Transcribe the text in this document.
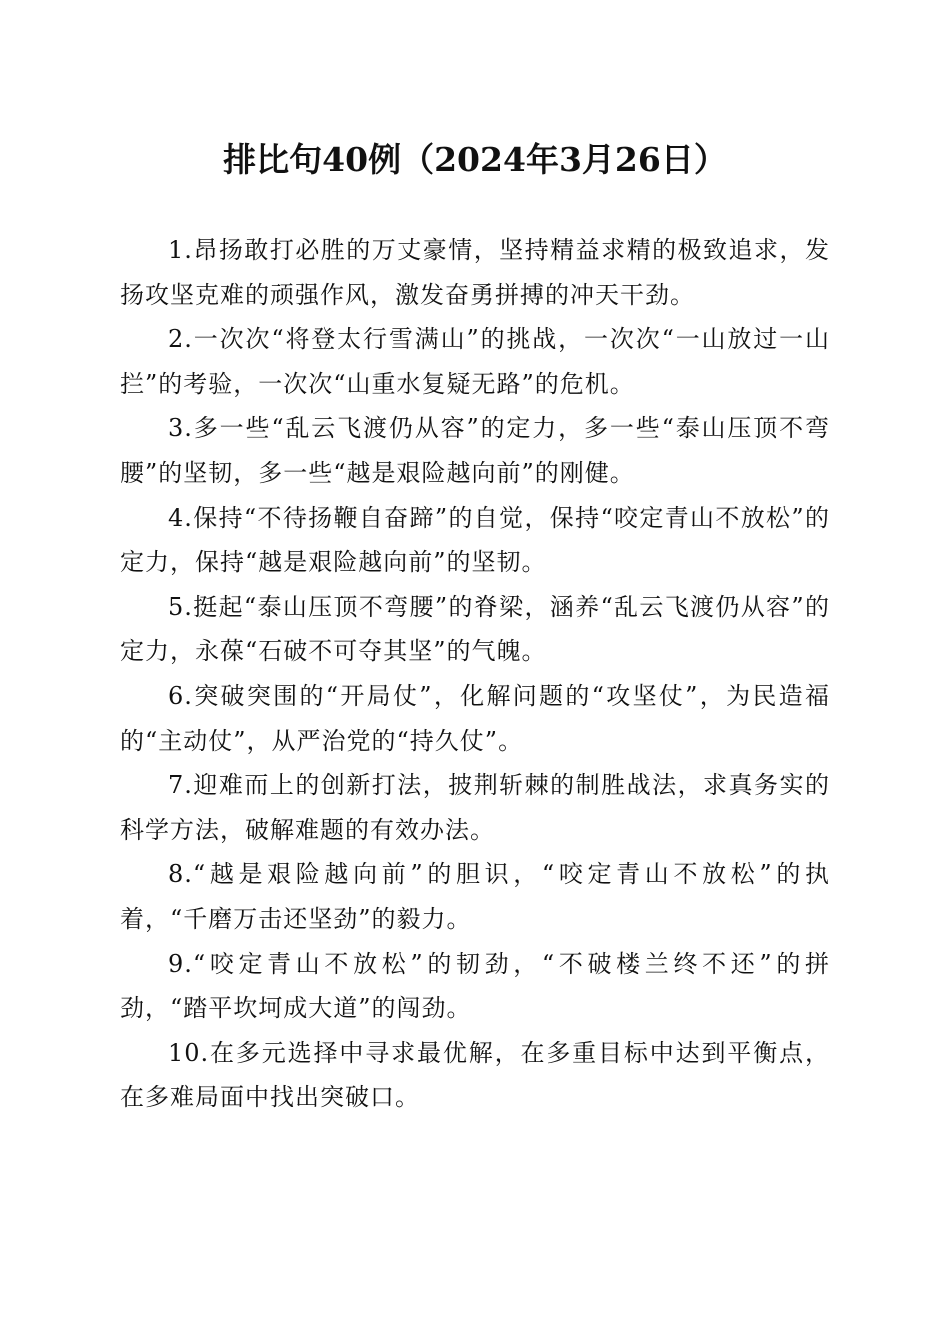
排比句40例（2024年3月26日）

1.昂扬敢打必胜的万丈豪情，坚持精益求精的极致追求，发扬攻坚克难的顽强作风，激发奋勇拼搏的冲天干劲。

2.一次次“将登太行雪满山”的挑战，一次次“一山放过一山拦”的考验，一次次“山重水复疑无路”的危机。

3.多一些“乱云飞渡仍从容”的定力，多一些“泰山压顶不弯腰”的坚韧，多一些“越是艰险越向前”的刚健。

4.保持“不待扬鞭自奋蹄”的自觉，保持“咬定青山不放松”的定力，保持“越是艰险越向前”的坚韧。

5.挺起“泰山压顶不弯腰”的脊梁，涵养“乱云飞渡仍从容”的定力，永葆“石破不可夺其坚”的气魄。

6.突破突围的“开局仗”，化解问题的“攻坚仗”，为民造福的“主动仗”，从严治党的“持久仗”。

7.迎难而上的创新打法，披荆斩棘的制胜战法，求真务实的科学方法，破解难题的有效办法。

8.“越是艰险越向前”的胆识，“咬定青山不放松”的执着，“千磨万击还坚劲”的毅力。

9.“咬定青山不放松”的韧劲，“不破楼兰终不还”的拼劲，“踏平坎坷成大道”的闯劲。

10.在多元选择中寻求最优解，在多重目标中达到平衡点，在多难局面中找出突破口。
